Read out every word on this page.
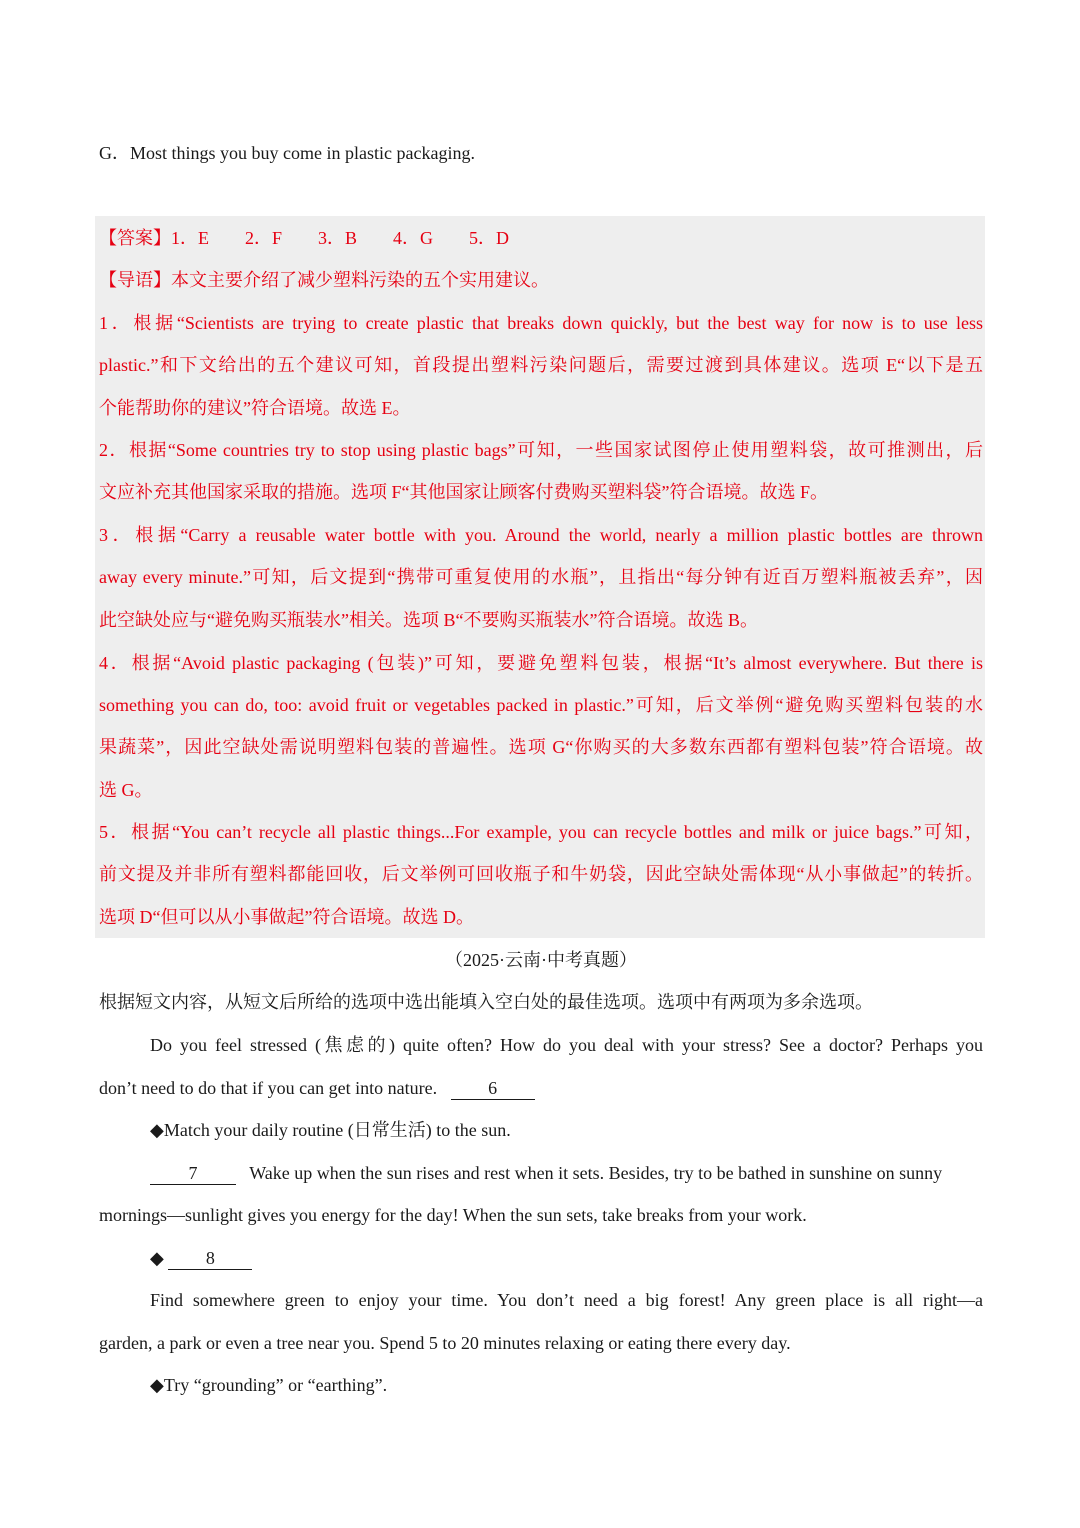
G．Most things you buy come in plastic packaging.
【答案】1．E　　2．F　　3．B　　4．G　　5．D
【导语】本文主要介绍了减少塑料污染的五个实用建议。
1．根据“Scientists are trying to create plastic that breaks down quickly, but the best way for now is to use less
plastic.”和下文给出的五个建议可知，首段提出塑料污染问题后，需要过渡到具体建议。选项 E“以下是五
个能帮助你的建议”符合语境。故选 E。
2．根据“Some countries try to stop using plastic bags”可知，一些国家试图停止使用塑料袋，故可推测出，后
文应补充其他国家采取的措施。选项 F“其他国家让顾客付费购买塑料袋”符合语境。故选 F。
3．根据“Carry a reusable water bottle with you. Around the world, nearly a million plastic bottles are thrown
away every minute.”可知，后文提到“携带可重复使用的水瓶”，且指出“每分钟有近百万塑料瓶被丢弃”，因
此空缺处应与“避免购买瓶装水”相关。选项 B“不要购买瓶装水”符合语境。故选 B。
4．根据“Avoid plastic packaging (包装)”可知，要避免塑料包装，根据“It’s almost everywhere. But there is
something you can do, too: avoid fruit or vegetables packed in plastic.”可知，后文举例“避免购买塑料包装的水
果蔬菜”，因此空缺处需说明塑料包装的普遍性。选项 G“你购买的大多数东西都有塑料包装”符合语境。故
选 G。
5．根据“You can’t recycle all plastic things...For example, you can recycle bottles and milk or juice bags.”可知，
前文提及并非所有塑料都能回收，后文举例可回收瓶子和牛奶袋，因此空缺处需体现“从小事做起”的转折。
选项 D“但可以从小事做起”符合语境。故选 D。
（2025·云南·中考真题）
根据短文内容，从短文后所给的选项中选出能填入空白处的最佳选项。选项中有两项为多余选项。
Do you feel stressed (焦虑的) quite often? How do you deal with your stress? See a doctor? Perhaps you
don’t need to do that if you can get into nature.	6
◆Match your daily routine (日常生活) to the sun.
7	Wake up when the sun rises and rest when it sets. Besides, try to be bathed in sunshine on sunny
mornings—sunlight gives you energy for the day! When the sun sets, take breaks from your work.
◆ 8
Find somewhere green to enjoy your time. You don’t need a big forest! Any green place is all right—a
garden, a park or even a tree near you. Spend 5 to 20 minutes relaxing or eating there every day.
◆Try “grounding” or “earthing”.
